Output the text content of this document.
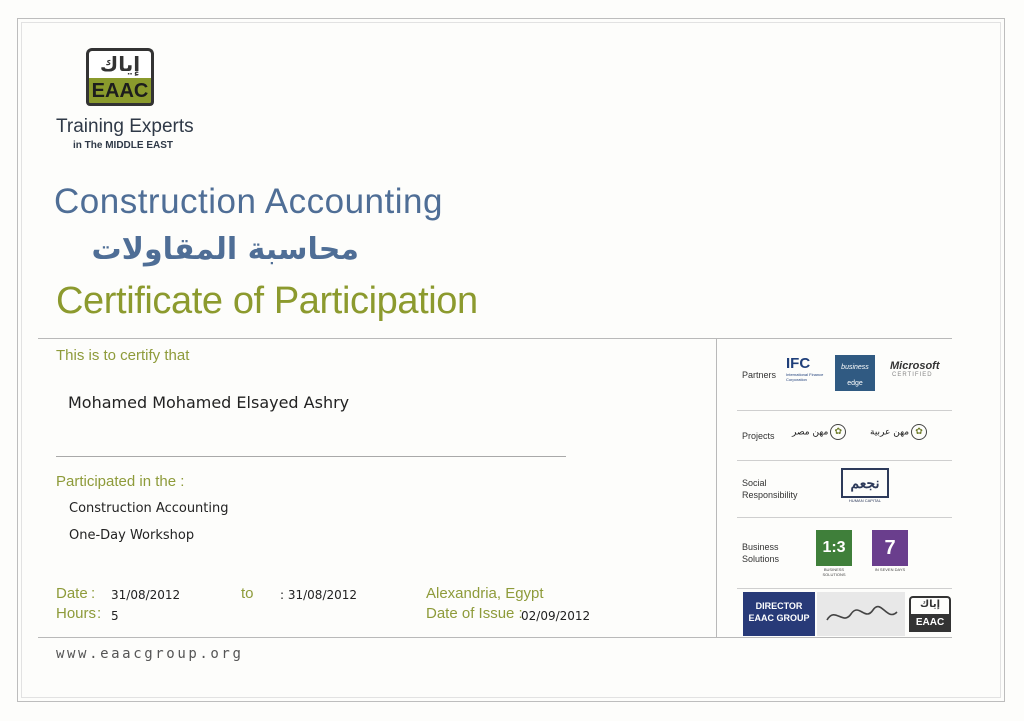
إياك
EAAC
Training Experts
in The MIDDLE EAST
Construction Accounting
محاسبة المقاولات
Certificate of Participation
This is to certify that
Mohamed Mohamed Elsayed Ashry
Participated in the :
Construction Accounting
One-Day Workshop
Date : 31/08/2012	to : 31/08/2012
Hours : 5
Alexandria, Egypt
Date of Issue :
02/09/2012
www.eaacgroup.org
Partners
IFC
International Finance Corporation
business
edge
Microsoft
CERTIFIED
Projects مهن مصر ✿	مهن عربية ✿
Social Responsibility
نجعم
HUMAN CAPITAL
Business Solutions
1:3
BUSINESS SOLUTIONS
7
IN SEVEN DAYS
DIRECTOR EAAC GROUP
إياك
EAAC
